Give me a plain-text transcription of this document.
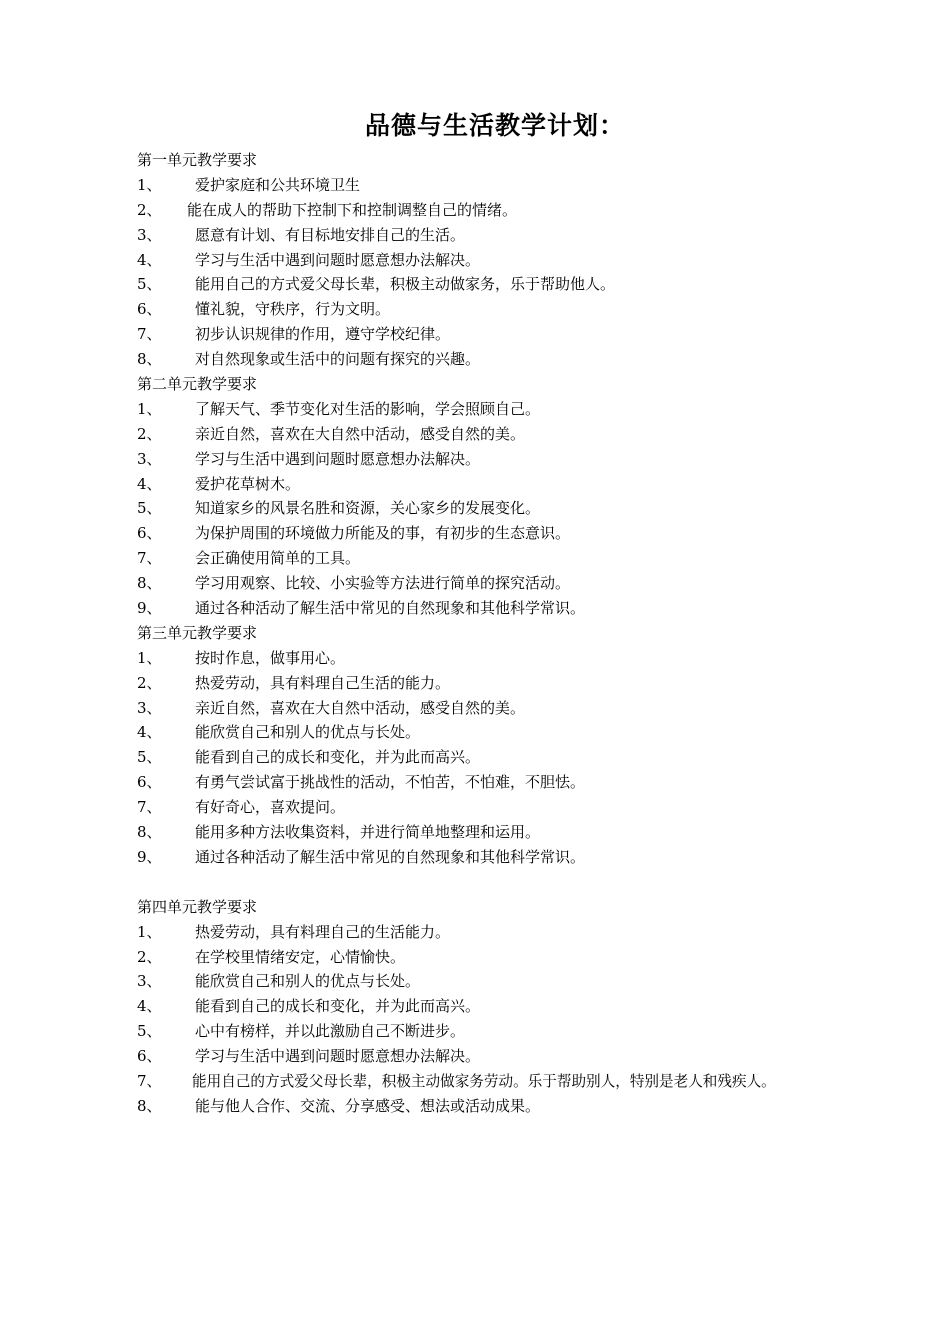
品德与生活教学计划：
第一单元教学要求
1、 爱护家庭和公共环境卫生
2、 能在成人的帮助下控制下和控制调整自己的情绪。
3、 愿意有计划、有目标地安排自己的生活。
4、 学习与生活中遇到问题时愿意想办法解决。
5、 能用自己的方式爱父母长辈，积极主动做家务，乐于帮助他人。
6、 懂礼貌，守秩序，行为文明。
7、 初步认识规律的作用，遵守学校纪律。
8、 对自然现象或生活中的问题有探究的兴趣。
第二单元教学要求
1、 了解天气、季节变化对生活的影响，学会照顾自己。
2、 亲近自然，喜欢在大自然中活动，感受自然的美。
3、 学习与生活中遇到问题时愿意想办法解决。
4、 爱护花草树木。
5、 知道家乡的风景名胜和资源，关心家乡的发展变化。
6、 为保护周围的环境做力所能及的事，有初步的生态意识。
7、 会正确使用简单的工具。
8、 学习用观察、比较、小实验等方法进行简单的探究活动。
9、 通过各种活动了解生活中常见的自然现象和其他科学常识。
第三单元教学要求
1、 按时作息，做事用心。
2、 热爱劳动，具有料理自己生活的能力。
3、 亲近自然，喜欢在大自然中活动，感受自然的美。
4、 能欣赏自己和别人的优点与长处。
5、 能看到自己的成长和变化，并为此而高兴。
6、 有勇气尝试富于挑战性的活动，不怕苦，不怕难，不胆怯。
7、 有好奇心，喜欢提问。
8、 能用多种方法收集资料，并进行简单地整理和运用。
9、 通过各种活动了解生活中常见的自然现象和其他科学常识。
第四单元教学要求
1、 热爱劳动，具有料理自己的生活能力。
2、 在学校里情绪安定，心情愉快。
3、 能欣赏自己和别人的优点与长处。
4、 能看到自己的成长和变化，并为此而高兴。
5、 心中有榜样，并以此激励自己不断进步。
6、 学习与生活中遇到问题时愿意想办法解决。
7、 能用自己的方式爱父母长辈，积极主动做家务劳动。乐于帮助别人，特别是老人和残疾人。
8、 能与他人合作、交流、分享感受、想法或活动成果。
